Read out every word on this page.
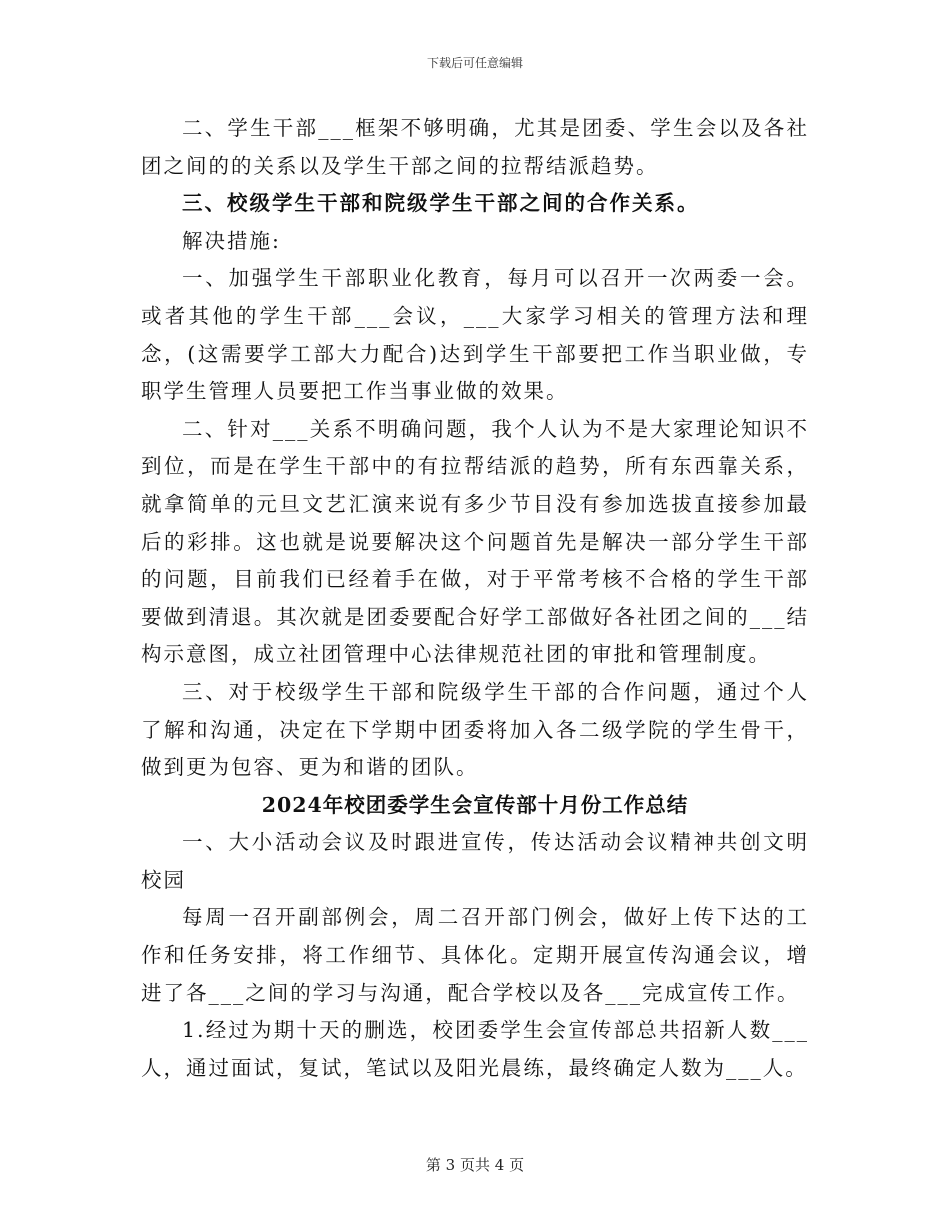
下载后可任意编辑

二、学生干部___框架不够明确，尤其是团委、学生会以及各社团之间的的关系以及学生干部之间的拉帮结派趋势。

三、校级学生干部和院级学生干部之间的合作关系。

解决措施:

一、加强学生干部职业化教育，每月可以召开一次两委一会。或者其他的学生干部___会议，___大家学习相关的管理方法和理念，(这需要学工部大力配合)达到学生干部要把工作当职业做，专职学生管理人员要把工作当事业做的效果。

二、针对___关系不明确问题，我个人认为不是大家理论知识不到位，而是在学生干部中的有拉帮结派的趋势，所有东西靠关系，就拿简单的元旦文艺汇演来说有多少节目没有参加选拔直接参加最后的彩排。这也就是说要解决这个问题首先是解决一部分学生干部的问题，目前我们已经着手在做，对于平常考核不合格的学生干部要做到清退。其次就是团委要配合好学工部做好各社团之间的___结构示意图，成立社团管理中心法律规范社团的审批和管理制度。

三、对于校级学生干部和院级学生干部的合作问题，通过个人了解和沟通，决定在下学期中团委将加入各二级学院的学生骨干，做到更为包容、更为和谐的团队。

2024年校团委学生会宣传部十月份工作总结

一、大小活动会议及时跟进宣传，传达活动会议精神共创文明校园

每周一召开副部例会，周二召开部门例会，做好上传下达的工作和任务安排，将工作细节、具体化。定期开展宣传沟通会议，增进了各___之间的学习与沟通，配合学校以及各___完成宣传工作。

1.经过为期十天的删选，校团委学生会宣传部总共招新人数___人，通过面试，复试，笔试以及阳光晨练，最终确定人数为___人。

第 3 页共 4 页
